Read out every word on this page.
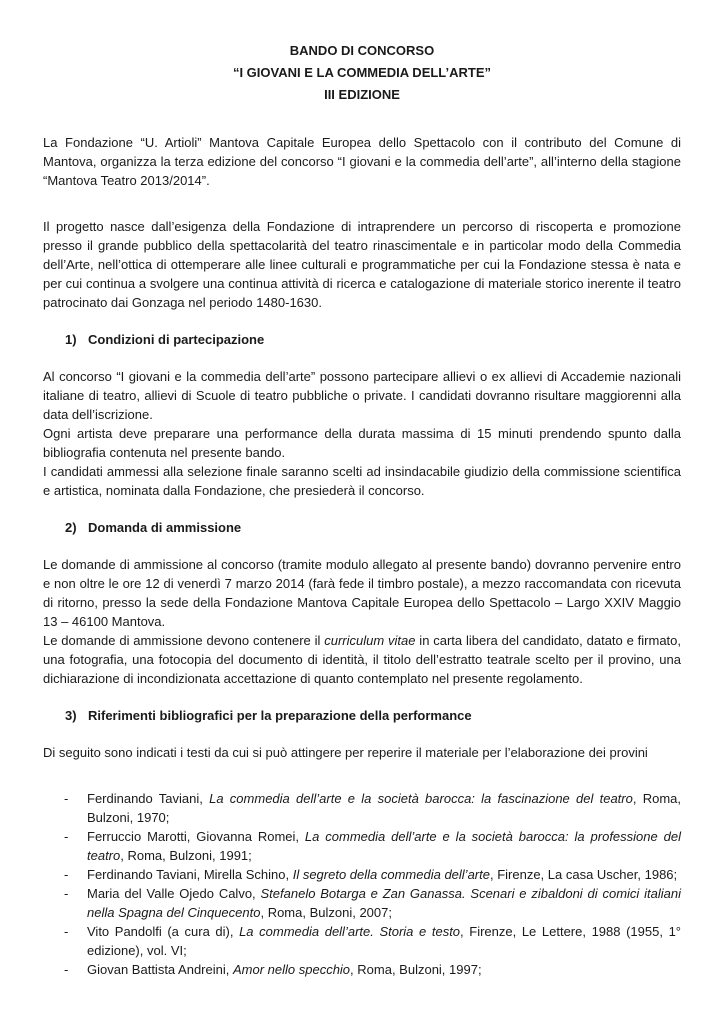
BANDO DI CONCORSO
“I GIOVANI E LA COMMEDIA DELL’ARTE”
III EDIZIONE

La Fondazione “U. Artioli” Mantova Capitale Europea dello Spettacolo con il contributo del Comune di Mantova, organizza la terza edizione del concorso “I giovani e la commedia dell’arte”, all’interno della stagione “Mantova Teatro 2013/2014”.

Il progetto nasce dall’esigenza della Fondazione di intraprendere un percorso di riscoperta e promozione presso il grande pubblico della spettacolarità del teatro rinascimentale e in particolar modo della Commedia dell’Arte, nell’ottica di ottemperare alle linee culturali e programmatiche per cui la Fondazione stessa è nata e per cui continua a svolgere una continua attività di ricerca e catalogazione di materiale storico inerente il teatro patrocinato dai Gonzaga nel periodo 1480-1630.

1) Condizioni di partecipazione

Al concorso “I giovani e la commedia dell’arte” possono partecipare allievi o ex allievi di Accademie nazionali italiane di teatro, allievi di Scuole di teatro pubbliche o private. I candidati dovranno risultare maggiorenni alla data dell’iscrizione.

Ogni artista deve preparare una performance della durata massima di 15 minuti prendendo spunto dalla bibliografia contenuta nel presente bando.

I candidati ammessi alla selezione finale saranno scelti ad insindacabile giudizio della commissione scientifica e artistica, nominata dalla Fondazione, che presiederà il concorso.

2) Domanda di ammissione

Le domande di ammissione al concorso (tramite modulo allegato al presente bando) dovranno pervenire entro e non oltre le ore 12 di venerdì 7 marzo 2014 (farà fede il timbro postale), a mezzo raccomandata con ricevuta di ritorno, presso la sede della Fondazione Mantova Capitale Europea dello Spettacolo – Largo XXIV Maggio 13 – 46100 Mantova.

Le domande di ammissione devono contenere il curriculum vitae in carta libera del candidato, datato e firmato, una fotografia, una fotocopia del documento di identità, il titolo dell’estratto teatrale scelto per il provino, una dichiarazione di incondizionata accettazione di quanto contemplato nel presente regolamento.

3) Riferimenti bibliografici per la preparazione della performance

Di seguito sono indicati i testi da cui si può attingere per reperire il materiale per l’elaborazione dei provini

- Ferdinando Taviani, La commedia dell’arte e la società barocca: la fascinazione del teatro, Roma, Bulzoni, 1970;
- Ferruccio Marotti, Giovanna Romei, La commedia dell’arte e la società barocca: la professione del teatro, Roma, Bulzoni, 1991;
- Ferdinando Taviani, Mirella Schino, Il segreto della commedia dell’arte, Firenze, La casa Uscher, 1986;
- Maria del Valle Ojedo Calvo, Stefanelo Botarga e Zan Ganassa. Scenari e zibaldoni di comici italiani nella Spagna del Cinquecento, Roma, Bulzoni, 2007;
- Vito Pandolfi (a cura di), La commedia dell’arte. Storia e testo, Firenze, Le Lettere, 1988 (1955, 1° edizione), vol. VI;
- Giovan Battista Andreini, Amor nello specchio, Roma, Bulzoni, 1997;
